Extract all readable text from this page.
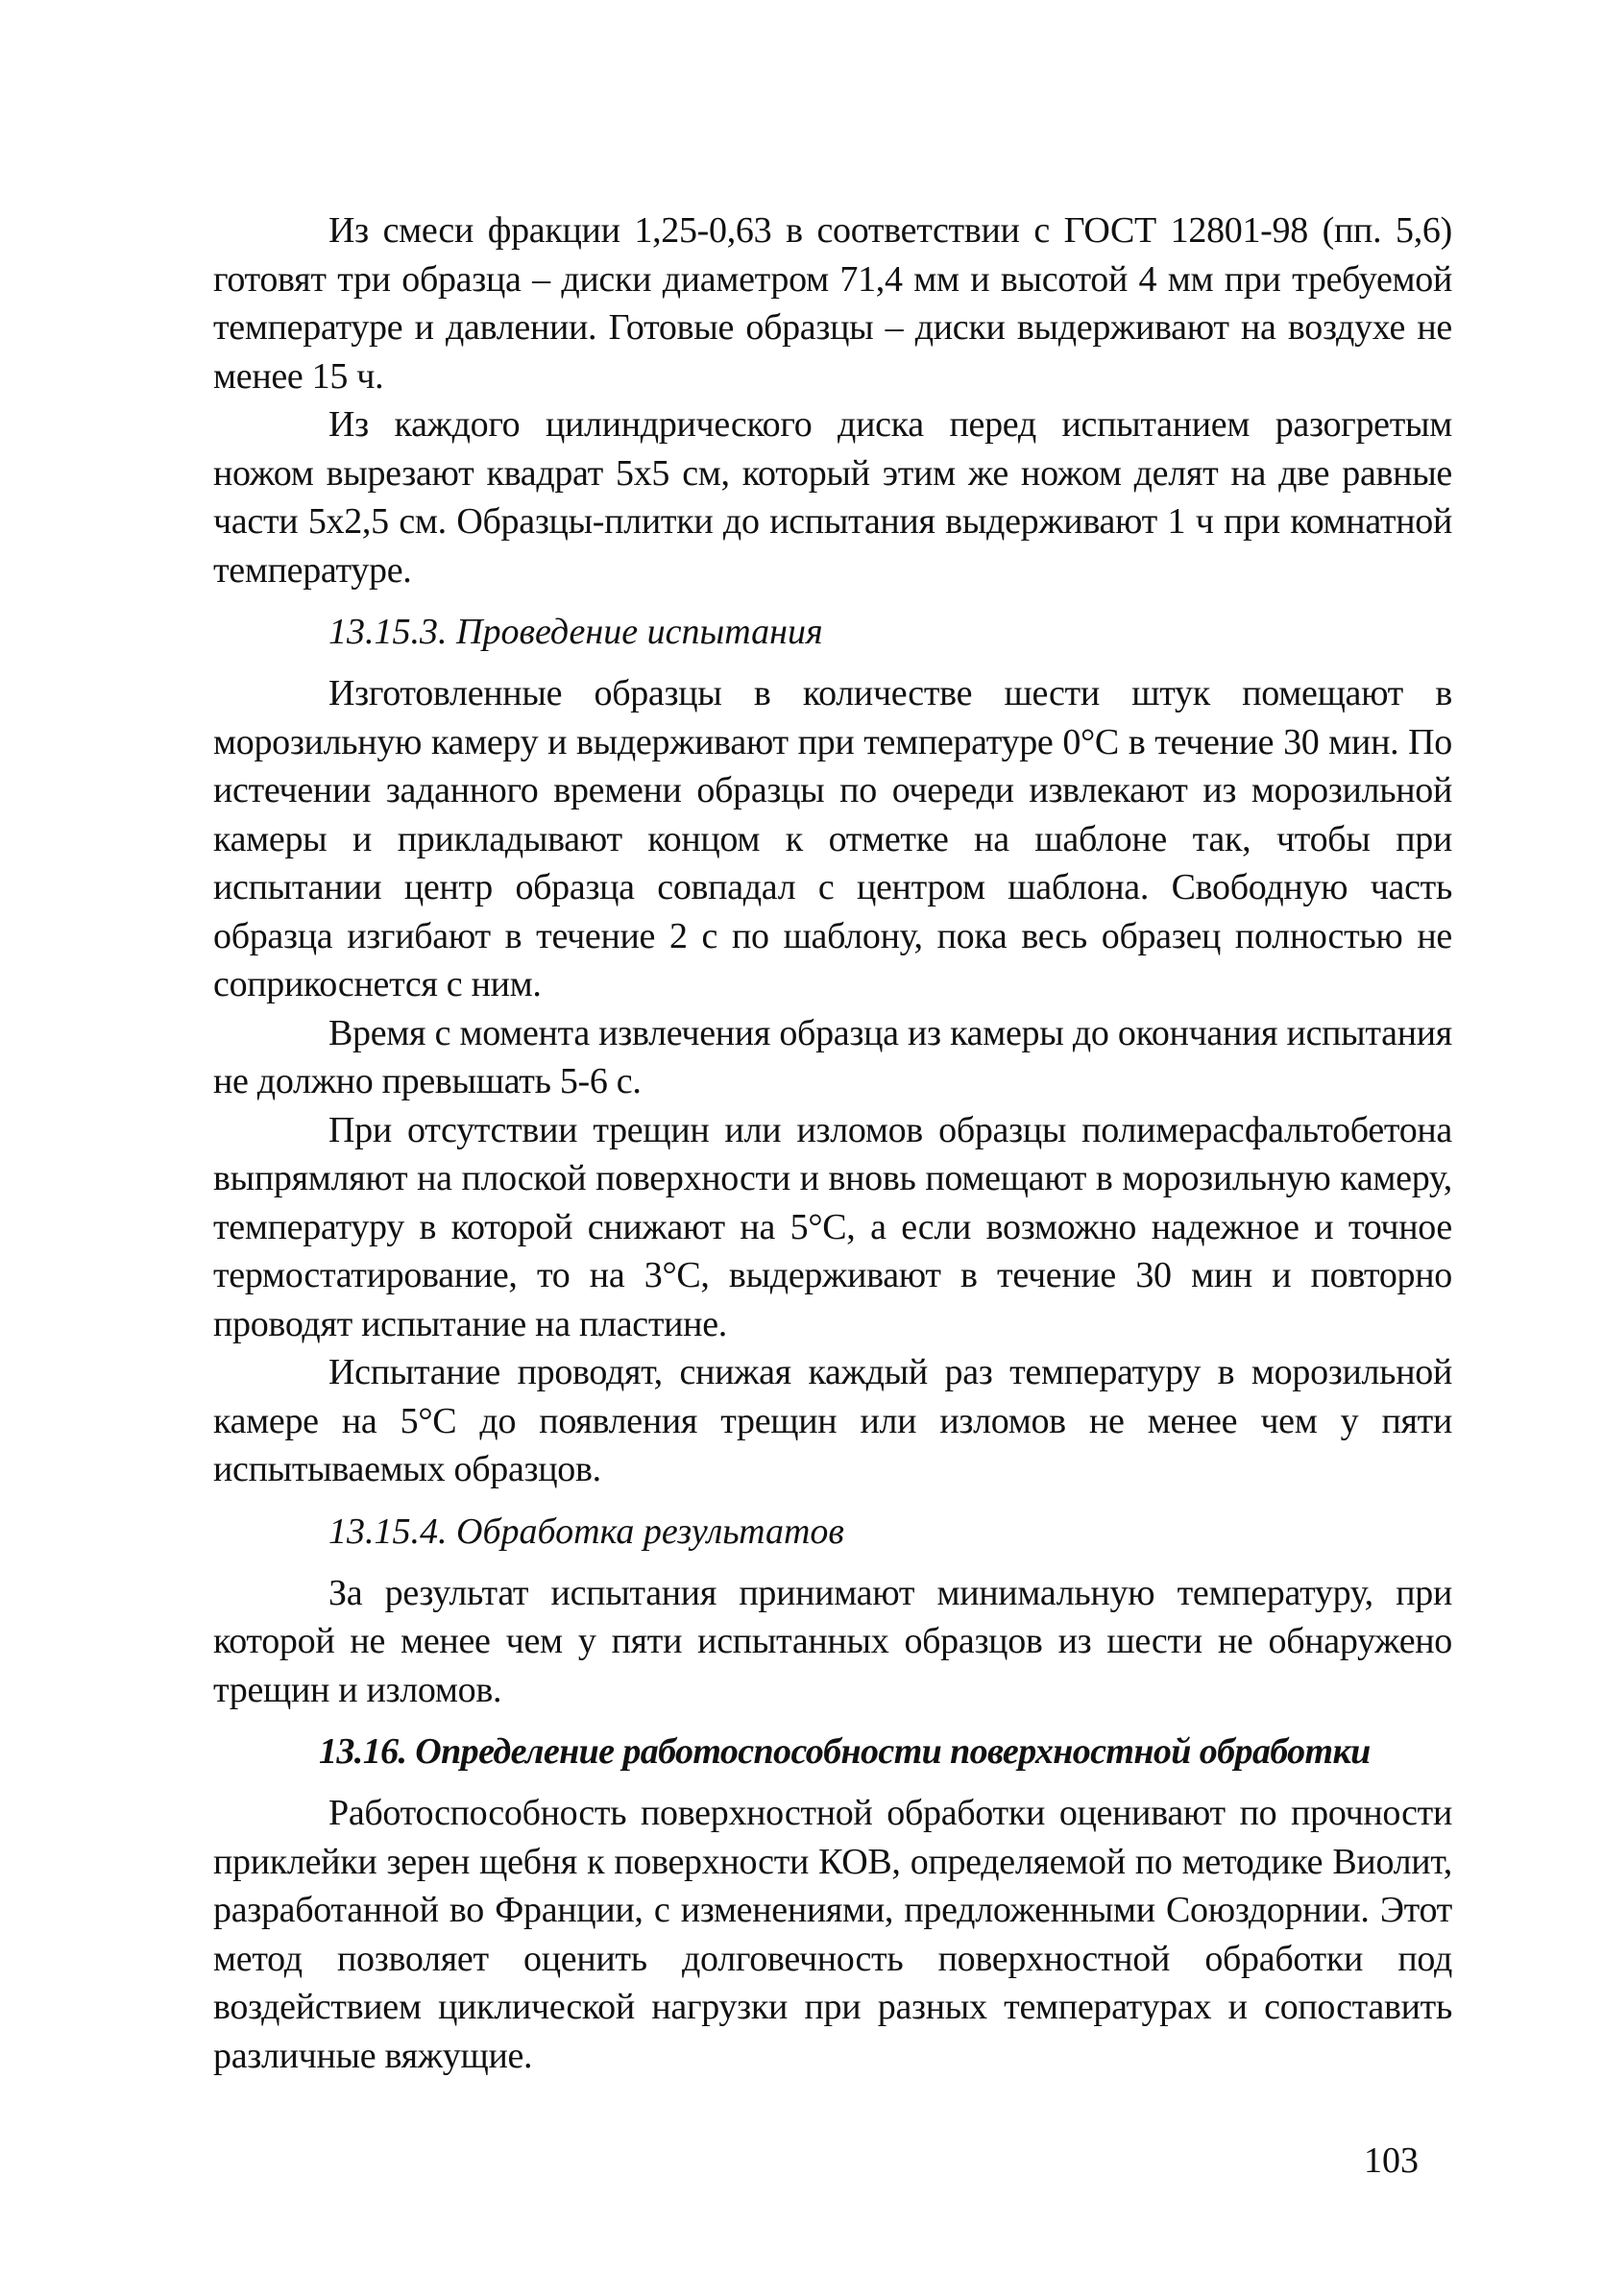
Из смеси фракции 1,25-0,63 в соответствии с ГОСТ 12801-98 (пп. 5,6) готовят три образца – диски диаметром 71,4 мм и высотой 4 мм при требуемой температуре и давлении. Готовые образцы – диски выдерживают на воздухе не менее 15 ч.

Из каждого цилиндрического диска перед испытанием разогретым ножом вырезают квадрат 5х5 см, который этим же ножом делят на две равные части 5х2,5 см. Образцы-плитки до испытания выдерживают 1 ч при комнатной температуре.

13.15.3. Проведение испытания

Изготовленные образцы в количестве шести штук помещают в морозильную камеру и выдерживают при температуре 0°С в течение 30 мин. По истечении заданного времени образцы по очереди извлекают из морозильной камеры и прикладывают концом к отметке на шаблоне так, чтобы при испытании центр образца совпадал с центром шаблона. Свободную часть образца изгибают в течение 2 с по шаблону, пока весь образец полностью не соприкоснется с ним.

Время с момента извлечения образца из камеры до окончания испытания не должно превышать 5-6 с.

При отсутствии трещин или изломов образцы полимерасфальтобетона выпрямляют на плоской поверхности и вновь помещают в морозильную камеру, температуру в которой снижают на 5°С, а если возможно надежное и точное термостатирование, то на 3°С, выдерживают в течение 30 мин и повторно проводят испытание на пластине.

Испытание проводят, снижая каждый раз температуру в морозильной камере на 5°С до появления трещин или изломов не менее чем у пяти испытываемых образцов.

13.15.4. Обработка результатов

За результат испытания принимают минимальную температуру, при которой не менее чем у пяти испытанных образцов из шести не обнаружено трещин и изломов.

13.16. Определение работоспособности поверхностной обработки

Работоспособность поверхностной обработки оценивают по прочности приклейки зерен щебня к поверхности КОВ, определяемой по методике Виолит, разработанной во Франции, с изменениями, предложенными Союздорнии. Этот метод позволяет оценить долговечность поверхностной обработки под воздействием циклической нагрузки при разных температурах и сопоставить различные вяжущие.

103
